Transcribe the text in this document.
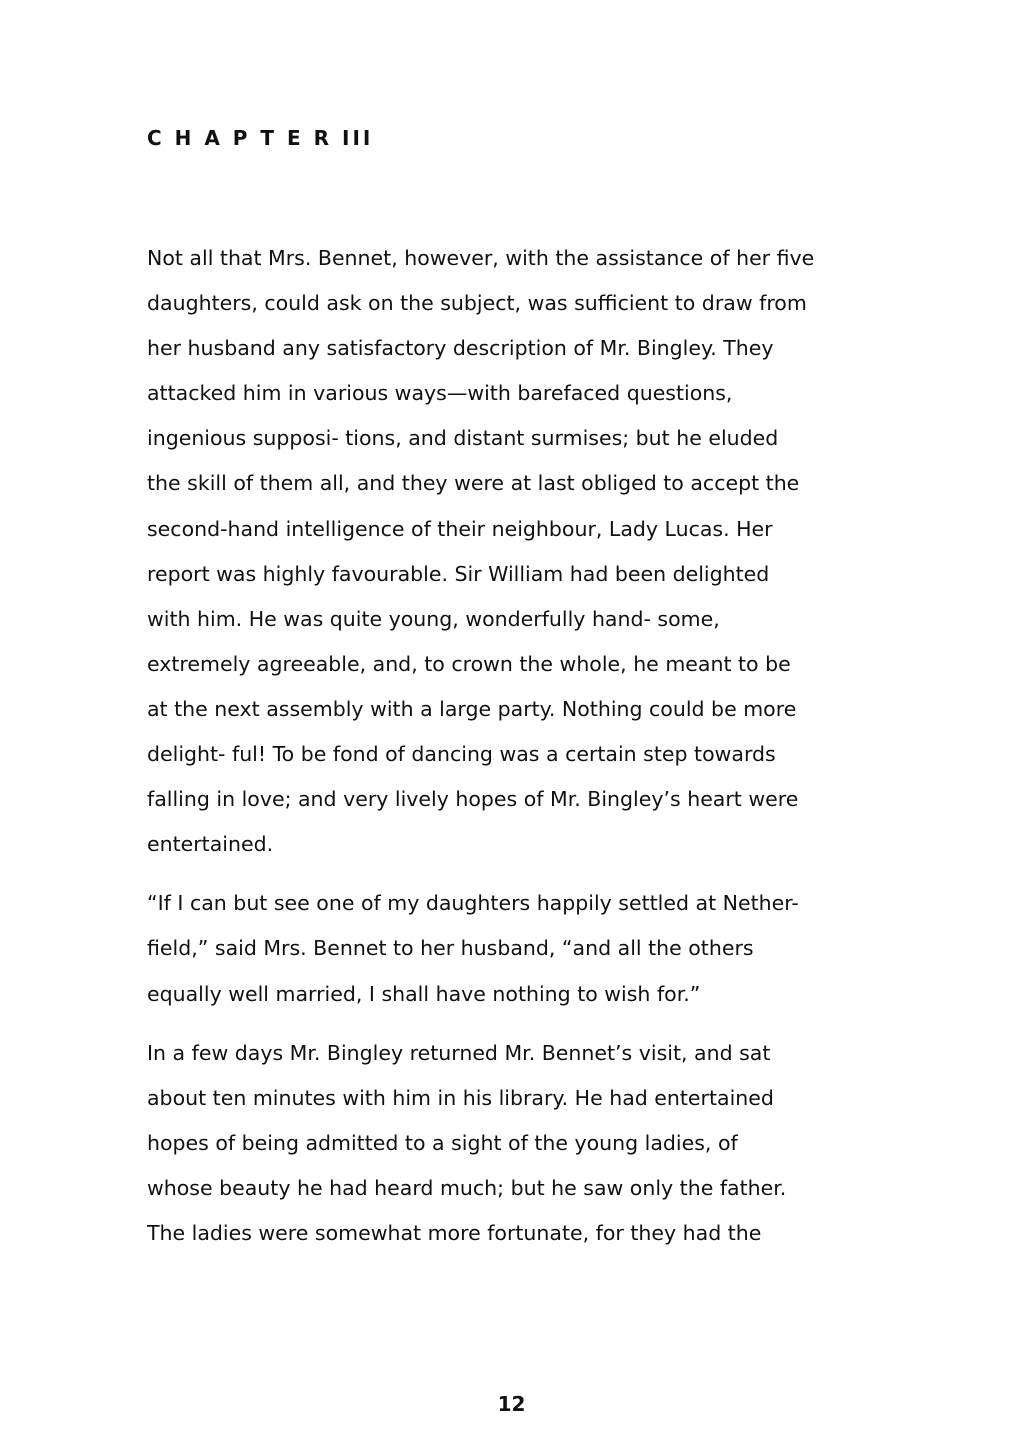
C H A P T E R III
Not all that Mrs. Bennet, however, with the assistance of her five
daughters, could ask on the subject, was sufficient to draw from
her husband any satisfactory description of Mr. Bingley. They
attacked him in various ways—with barefaced questions,
ingenious supposi- tions, and distant surmises; but he eluded
the skill of them all, and they were at last obliged to accept the
second-hand intelligence of their neighbour, Lady Lucas. Her
report was highly favourable. Sir William had been delighted
with him. He was quite young, wonderfully hand- some,
extremely agreeable, and, to crown the whole, he meant to be
at the next assembly with a large party. Nothing could be more
delight- ful! To be fond of dancing was a certain step towards
falling in love; and very lively hopes of Mr. Bingley’s heart were
entertained.
“If I can but see one of my daughters happily settled at Nether-
field,” said Mrs. Bennet to her husband, “and all the others
equally well married, I shall have nothing to wish for.”
In a few days Mr. Bingley returned Mr. Bennet’s visit, and sat
about ten minutes with him in his library. He had entertained
hopes of being admitted to a sight of the young ladies, of
whose beauty he had heard much; but he saw only the father.
The ladies were somewhat more fortunate, for they had the
12
